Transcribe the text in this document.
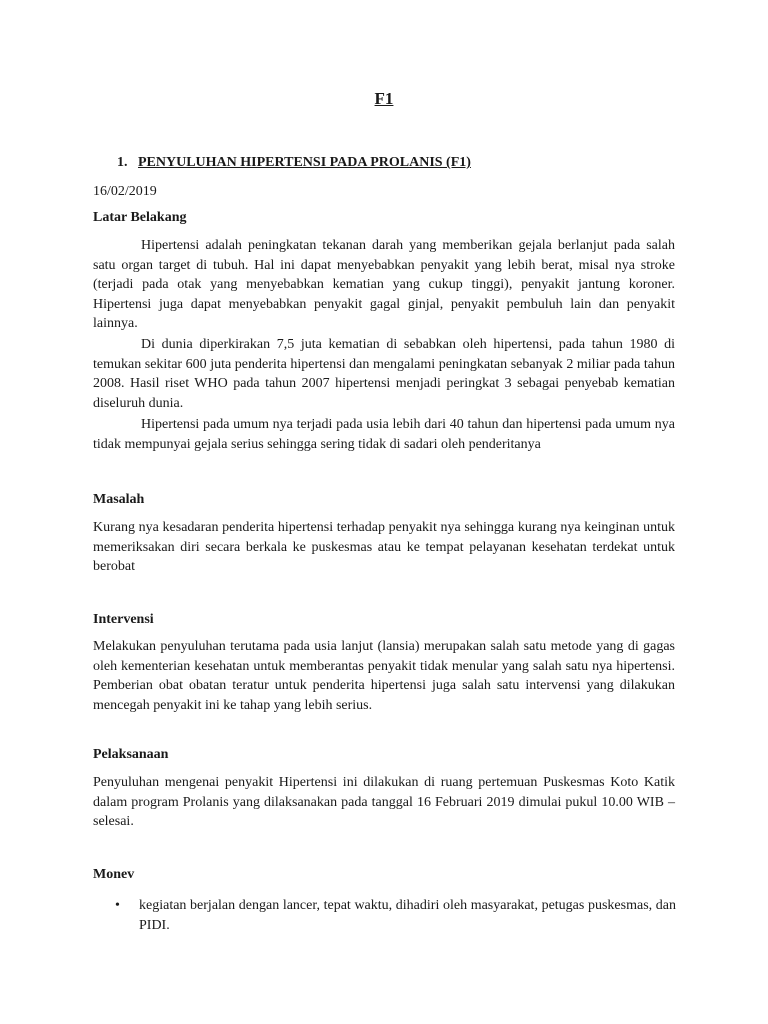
F1
1. PENYULUHAN HIPERTENSI PADA PROLANIS (F1)
16/02/2019
Latar Belakang
Hipertensi adalah peningkatan tekanan darah yang memberikan gejala berlanjut pada salah satu organ target di tubuh. Hal ini dapat menyebabkan penyakit yang lebih berat, misal nya stroke (terjadi pada otak yang menyebabkan kematian yang cukup tinggi), penyakit jantung koroner. Hipertensi juga dapat menyebabkan penyakit gagal ginjal, penyakit pembuluh lain dan penyakit lainnya.
Di dunia diperkirakan 7,5 juta kematian di sebabkan oleh hipertensi, pada tahun 1980 di temukan sekitar 600 juta penderita hipertensi dan mengalami peningkatan sebanyak 2 miliar pada tahun 2008. Hasil riset WHO pada tahun 2007 hipertensi menjadi peringkat 3 sebagai penyebab kematian diseluruh dunia.
Hipertensi pada umum nya terjadi pada usia lebih dari 40 tahun dan hipertensi pada umum nya tidak mempunyai gejala serius sehingga sering tidak di sadari oleh penderitanya
Masalah
Kurang nya kesadaran penderita hipertensi terhadap penyakit nya sehingga kurang nya keinginan untuk memeriksakan diri secara berkala ke puskesmas atau ke tempat pelayanan kesehatan terdekat untuk berobat
Intervensi
Melakukan penyuluhan terutama pada usia lanjut (lansia) merupakan salah satu metode yang di gagas oleh kementerian kesehatan untuk memberantas penyakit tidak menular yang salah satu nya hipertensi. Pemberian obat obatan teratur untuk penderita hipertensi juga salah satu intervensi yang dilakukan mencegah penyakit ini ke tahap yang lebih serius.
Pelaksanaan
Penyuluhan mengenai penyakit Hipertensi ini dilakukan di ruang pertemuan Puskesmas Koto Katik dalam program Prolanis yang dilaksanakan pada tanggal 16 Februari 2019 dimulai pukul 10.00 WIB – selesai.
Monev
• kegiatan berjalan dengan lancer, tepat waktu, dihadiri oleh masyarakat, petugas puskesmas, dan PIDI.
